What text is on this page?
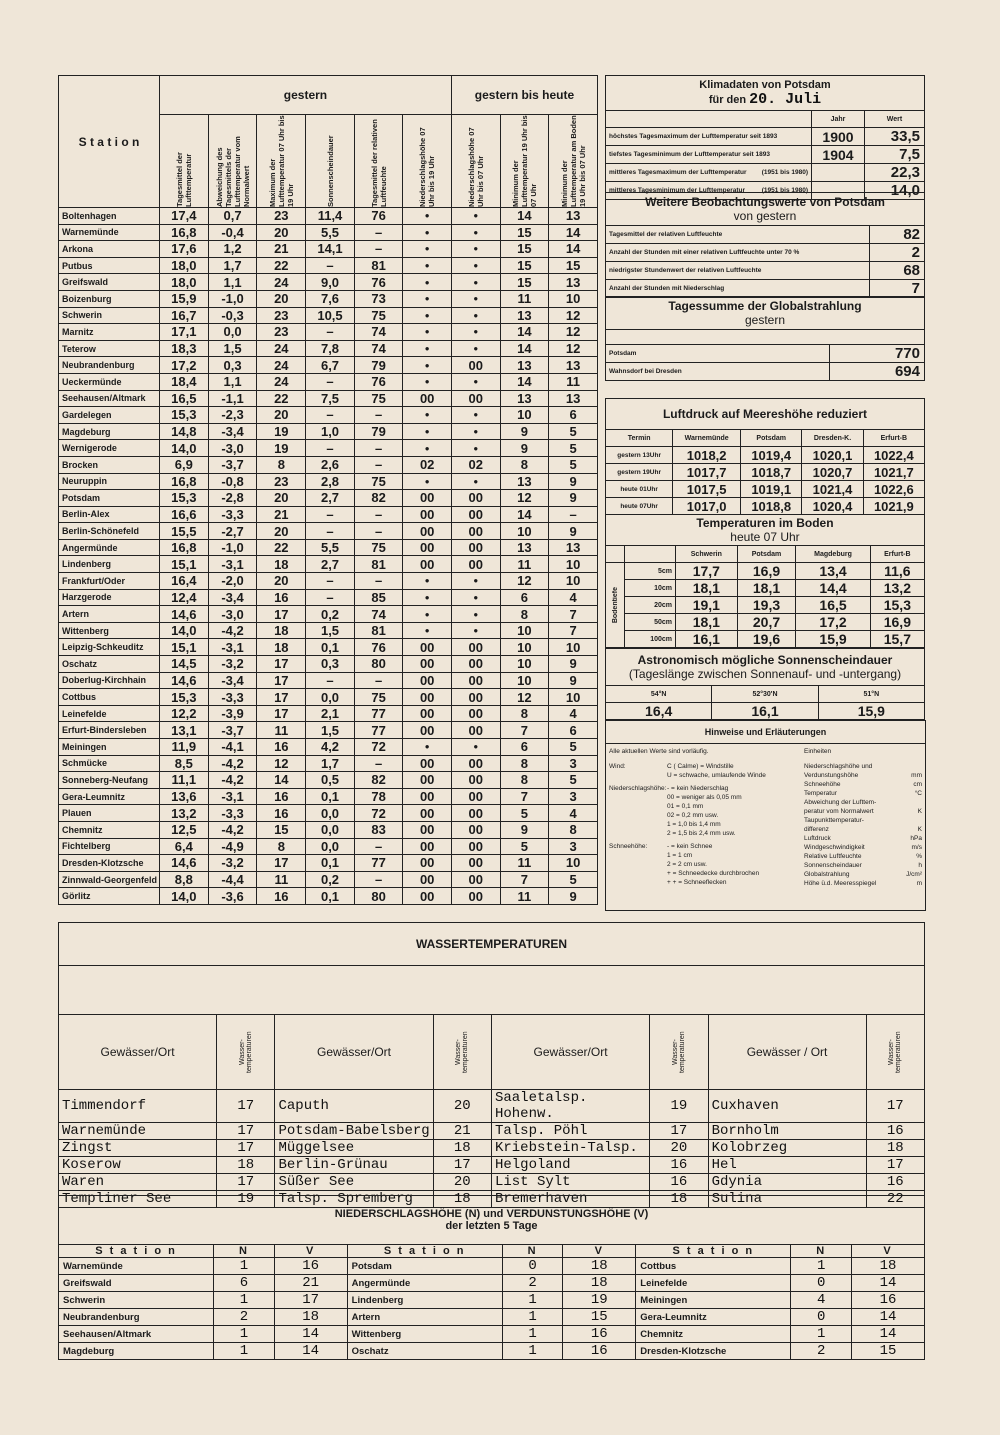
S t a t i o n	gestern						gestern bis heute		

	Tagesmittel der Lufttemperatur	Abweichung des Tagesmittels der Lufttemperatur vom Normalwert	Maximum der Lufttemperatur 07 Uhr bis 19 Uhr	Sonnenscheindauer	Tagesmittel der relativen Luftfeuchte	Niederschlagshöhe 07 Uhr bis 19 Uhr	Niederschlagshöhe 07 Uhr bis 07 Uhr	Minimum der Lufttemperatur 19 Uhr bis 07 Uhr	Minimum der Lufttemperatur am Boden 19 Uhr bis 07 Uhr

Boltenhagen	17,4	0,7	23	11,4	76	●	●	14	13
Warnemünde	16,8	-0,4	20	5,5	–	●	●	15	14
Arkona	17,6	1,2	21	14,1	–	●	●	15	14
Putbus	18,0	1,7	22	–	81	●	●	15	15
Greifswald	18,0	1,1	24	9,0	76	●	●	15	13
Boizenburg	15,9	-1,0	20	7,6	73	●	●	11	10
Schwerin	16,7	-0,3	23	10,5	75	●	●	13	12
Marnitz	17,1	0,0	23	–	74	●	●	14	12
Teterow	18,3	1,5	24	7,8	74	●	●	14	12
Neubrandenburg	17,2	0,3	24	6,7	79	●	00	13	13
Ueckermünde	18,4	1,1	24	–	76	●	●	14	11
Seehausen/Altmark	16,5	-1,1	22	7,5	75	00	00	13	13
Gardelegen	15,3	-2,3	20	–	–	●	●	10	6
Magdeburg	14,8	-3,4	19	1,0	79	●	●	9	5
Wernigerode	14,0	-3,0	19	–	–	●	●	9	5
Brocken	6,9	-3,7	8	2,6	–	02	02	8	5
Neuruppin	16,8	-0,8	23	2,8	75	●	●	13	9
Potsdam	15,3	-2,8	20	2,7	82	00	00	12	9
Berlin-Alex	16,6	-3,3	21	–	–	00	00	14	–
Berlin-Schönefeld	15,5	-2,7	20	–	–	00	00	10	9
Angermünde	16,8	-1,0	22	5,5	75	00	00	13	13
Lindenberg	15,1	-3,1	18	2,7	81	00	00	11	10
Frankfurt/Oder	16,4	-2,0	20	–	–	●	●	12	10
Harzgerode	12,4	-3,4	16	–	85	●	●	6	4
Artern	14,6	-3,0	17	0,2	74	●	●	8	7
Wittenberg	14,0	-4,2	18	1,5	81	●	●	10	7
Leipzig-Schkeuditz	15,1	-3,1	18	0,1	76	00	00	10	10
Oschatz	14,5	-3,2	17	0,3	80	00	00	10	9
Doberlug-Kirchhain	14,6	-3,4	17	–	–	00	00	10	9
Cottbus	15,3	-3,3	17	0,0	75	00	00	12	10
Leinefelde	12,2	-3,9	17	2,1	77	00	00	8	4
Erfurt-Bindersleben	13,1	-3,7	11	1,5	77	00	00	7	6
Meiningen	11,9	-4,1	16	4,2	72	●	●	6	5
Schmücke	8,5	-4,2	12	1,7	–	00	00	8	3
Sonneberg-Neufang	11,1	-4,2	14	0,5	82	00	00	8	5
Gera-Leumnitz	13,6	-3,1	16	0,1	78	00	00	7	3
Plauen	13,2	-3,3	16	0,0	72	00	00	5	4
Chemnitz	12,5	-4,2	15	0,0	83	00	00	9	8
Fichtelberg	6,4	-4,9	8	0,0	–	00	00	5	3
Dresden-Klotzsche	14,6	-3,2	17	0,1	77	00	00	11	10
Zinnwald-Georgenfeld	8,8	-4,4	11	0,2	–	00	00	7	5
Görlitz	14,0	-3,6	16	0,1	80	00	00	11	9
Klimadaten von Potsdam
für den 20. Juli		

	Jahr	Wert
höchstes Tagesmaximum der Lufttemperatur seit 1893	1900	33,5
tiefstes Tagesminimum der Lufttemperatur seit 1893	1904	7,5
mittleres Tagesmaximum der Lufttemperatur (1951 bis 1980)		22,3
mittleres Tagesminimum der Lufttemperatur (1951 bis 1980)		14,0
Weitere Beobachtungswerte von Potsdam
von gestern	

Tagesmittel der relativen Luftfeuchte	82
Anzahl der Stunden mit einer relativen Luftfeuchte unter 70 %	2
niedrigster Stundenwert der relativen Luftfeuchte	68
Anzahl der Stunden mit Niederschlag	7
Tagessumme der Globalstrahlung
gestern	

Potsdam	770
Wahnsdorf bei Dresden	694
Luftdruck auf Meereshöhe reduziert				
Termin	Warnemünde	Potsdam	Dresden-K.	Erfurt-B
gestern 13Uhr	1018,2	1019,4	1020,1	1022,4
gestern 19Uhr	1017,7	1018,7	1020,7	1021,7
heute 01Uhr	1017,5	1019,1	1021,4	1022,6
heute 07Uhr	1017,0	1018,8	1020,4	1021,9
Temperaturen im Boden
heute 07 Uhr					

		Schwerin	Potsdam	Magdeburg	Erfurt-B

Bodentiefe	5cm	17,7	16,9	13,4	11,6
	10cm	18,1	18,1	14,4	13,2
	20cm	19,1	19,3	16,5	15,3
	50cm	18,1	20,7	17,2	16,9
	100cm	16,1	19,6	15,9	15,7
Astronomisch mögliche Sonnenscheindauer
(Tageslänge zwischen Sonnenauf- und -untergang)		

54°N	52°30'N	51°N
16,4	16,1	15,9
Hinweise und Erläuterungen

Alle aktuellen Werte sind vorläufig.	Einheiten
Wind:	C ( Calme) = Windstille
U = schwache, umlaufende Winde
Niederschlagshöhe: - = kein Niederschlag
00 = weniger als 0,05 mm
01 = 0,1 mm
02 = 0,2 mm usw.
1 = 1,0 bis 1,4 mm
2 = 1,5 bis 2,4 mm usw.
Schneehöhe:	- = kein Schnee
1 = 1 cm
2 = 2 cm usw.
+ = Schneedecke durchbrochen
+ + = Schneeflecken
Niederschlagshöhe und
Verdunstungshöhe	mm
Schneehöhe	cm
Temperatur	°C
Abweichung der Lufttem-
peratur vom Normalwert	K
Taupunkttemperatur-
differenz	K
Luftdruck	hPa
Windgeschwindigkeit	m/s
Relative Luftfeuchte	%
Sonnenscheindauer	h
Globalstrahlung	J/cm²
Höhe ü.d. Meeresspiegel	m
WASSERTEMPERATUREN							

Gewässer/Ort	Wasser-temperaturen	Gewässer/Ort	Wasser-temperaturen	Gewässer/Ort	Wasser-temperaturen	Gewässer / Ort	Wasser-temperaturen

Timmendorf	17	Caputh	20	Saaletalsp. Hohenw.	19	Cuxhaven	17
Warnemünde	17	Potsdam-Babelsberg	21	Talsp. Pöhl	17	Bornholm	16
Zingst	17	Müggelsee	18	Kriebstein-Talsp.	20	Kolobrzeg	18
Koserow	18	Berlin-Grünau	17	Helgoland	16	Hel	17
Waren	17	Süßer See	20	List Sylt	16	Gdynia	16
Templiner See	19	Talsp. Spremberg	18	Bremerhaven	18	Sulina	22
NIEDERSCHLAGSHÖHE (N) und VERDUNSTUNGSHÖHE (V)
der letzten 5 Tage								

S t a t i o n	N	V	S t a t i o n	N	V	S t a t i o n	N	V
Warnemünde	1	16	Potsdam	0	18	Cottbus	1	18
Greifswald	6	21	Angermünde	2	18	Leinefelde	0	14
Schwerin	1	17	Lindenberg	1	19	Meiningen	4	16
Neubrandenburg	2	18	Artern	1	15	Gera-Leumnitz	0	14
Seehausen/Altmark	1	14	Wittenberg	1	16	Chemnitz	1	14
Magdeburg	1	14	Oschatz	1	16	Dresden-Klotzsche	2	15
